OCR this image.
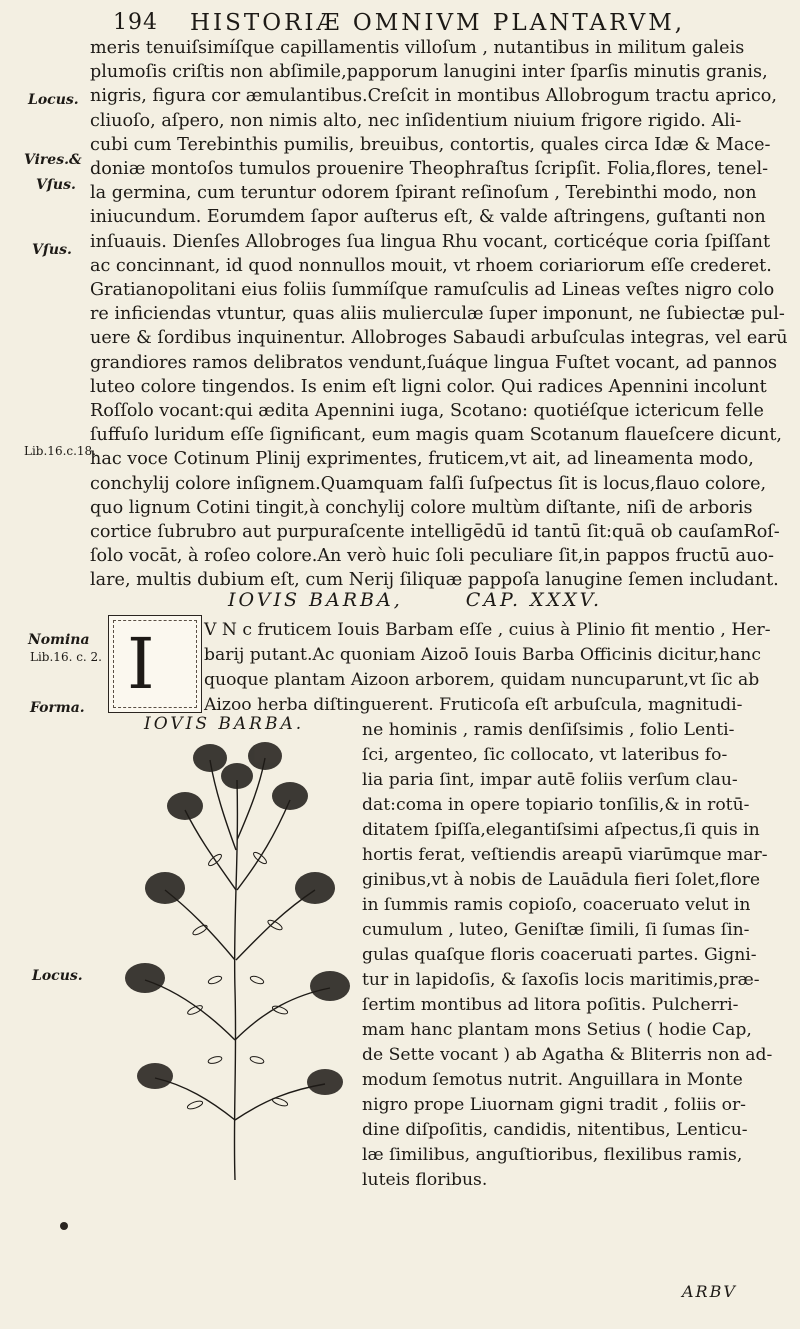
194 HISTORIÆ OMNIVM PLANTARVM,
meris tenuiſsimíſque capillamentis villoſum , nutantibus in militum galeis
plumoſis criſtis non abſimile,papporum lanugini inter ſparſis minutis granis,
nigris, figura cor æmulantibus.Creſcit in montibus Allobrogum tractu aprico,
cliuoſo, aſpero, non nimis alto, nec inſidentium niuium frigore rigido. Ali-
cubi cum Terebinthis pumilis, breuibus, contortis, quales circa Idæ & Mace-
doniæ montoſos tumulos prouenire Theophraſtus ſcripſit. Folia,flores, tenel-
la germina, cum teruntur odorem ſpirant reſinoſum , Terebinthi modo, non
iniucundum. Eorumdem ſapor auſterus eſt, & valde aſtringens, guſtanti non
inſuauis. Dienſes Allobroges ſua lingua Rhu vocant, corticéque coria ſpiſſant
ac concinnant, id quod nonnullos mouit, vt rhoem coriariorum eſſe crederet.
Gratianopolitani eius foliis ſummíſque ramuſculis ad Lineas veſtes nigro colo
re inficiendas vtuntur, quas aliis mulierculæ ſuper imponunt, ne ſubiectæ pul-
uere & ſordibus inquinentur. Allobroges Sabaudi arbuſculas integras, vel earū
grandiores ramos delibratos vendunt,ſuáque lingua Fuſtet vocant, ad pannos
luteo colore tingendos. Is enim eſt ligni color. Qui radices Apennini incolunt
Roſſolo vocant:qui ædita Apennini iuga, Scotano: quotiéſque ictericum felle
ſuffuſo luridum eſſe ſignificant, eum magis quam Scotanum flaueſcere dicunt,
hac voce Cotinum Plinij exprimentes, fruticem,vt ait, ad lineamenta modo,
conchylij colore inſignem.Quamquam falſi ſuſpectus ſit is locus,flauo colore,
quo lignum Cotini tingit,à conchylij colore multùm diſtante, niſi de arboris
cortice ſubrubro aut purpuraſcente intelligēdū id tantū ſit:quā ob cauſamRoſ-
ſolo vocāt, à roſeo colore.An verò huic ſoli peculiare ſit,in pappos fructū auo-
Locus.
Vires.&
Vſus.
Vſus.
Lib.16.c.18.
Nomina
Lib.16. c. 2.
Forma.
Locus.
IOVIS BARBA,	CAP. XXXV.
I	V N c fruticem Iouis Barbam eſſe , cuius à Plinio fit mentio , Her-
barij putant.Ac quoniam Aizoō Iouis Barba Officinis dicitur,hanc
quoque plantam Aizoon arborem, quidam nuncuparunt,vt ſic ab
Aizoo herba diſtinguerent. Fruticoſa eſt arbuſcula, magnitudi-
IOVIS BARBA.	ne hominis , ramis denſiſsimis , folio Lenti-
ſci, argenteo, ſic collocato, vt lateribus fo-
lia paria ſint, impar autē foliis verſum clau-
dat:coma in opere topiario tonſilis,& in rotū-
ditatem ſpiſſa,elegantiſsimi aſpectus,ſi quis in
hortis ferat, veſtiendis areарū viarūmque mar-
ginibus,vt à nobis de Lauādula fieri ſolet,flore
in ſummis ramis copioſo, coaceruato velut in
cumulum , luteo, Geniſtæ ſimili, ſi ſumas ſin-
gulas quaſque floris coaceruati partes. Gigni-
tur in lapidoſis, & ſaxoſis locis maritimis,præ-
ſertim montibus ad litora poſitis. Pulcherri-
mam hanc plantam mons Setius ( hodie Cap,
de Sette vocant ) ab Agatha & Bliterris non ad-
modum ſemotus nutrit. Anguillara in Monte
nigro prope Liuornam gigni tradit , foliis or-
dine diſpoſitis, candidis, nitentibus, Lenticu-
læ ſimilibus, anguſtioribus, flexilibus ramis,
luteis floribus.
ARBV
lare, multis dubium eſt, cum Nerij ſiliquæ pappoſa lanugine ſemen includant.
